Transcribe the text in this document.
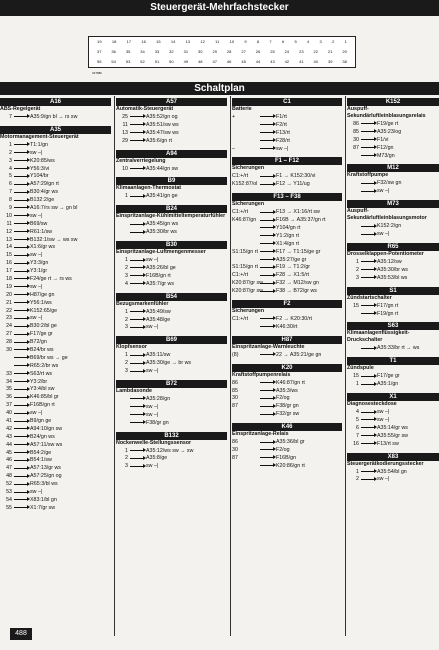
Steuergerät-Mehrfachstecker
19	18	17	16	15	14	13	12	11	10	9	8	7	6	5	4	3	2	1
37 36 35 34 33 32 31 30 29 28 27 26 25 24 23 22 21 20
55 54 53 52 51 50 49 48 47 46 45 44 43 42 41 40 39 38
32788b
Schaltplan
A16
ABS-Regelgerät
7	A35:9/gn bl → rs sw
A35
Motormanagement-Steuergerät
1	T1:1/gn
2	sw –|
3	K20:85/ws
4	Y56:3/vi
5	Y104/br
6	A57:29/gn rt
7	B30:4/gr ws
8	B132:2/ge
9	A16:7/rs sw → gn bl
10	sw –|
11	B69/sw
12	R61:1/sw
13	B132:1/sw → ws sw
14	X1:6/gr ws
15	sw –|
16	Y3:3/gn
17	Y3:1/gr
18	F24/ge rt → rs ws
19	sw –|
20	H87/ge gn
21	Y56:1/ws
22	K152:65/ge
23	sw –|
24	B30:2/bl ge
27	F17/ge gr
28	B72/gn
30	B24/br ws
B69/br ws → ge
R65:2/br ws
33	S63/rt ws
34	Y3:2/br
35	Y3:4/bl sw
36	K46:85/bl gr
37	F16B/gn rt
40	sw –|
41	B9/gn ge
42	A94:10/gn sw
43	B24/gn ws
44	A57:11/sw ws
45	B54:2/ge
46	B54:1/sw
47	A57:13/gr ws
48	A57:25/gn og
52	R65:3/bl ws
53	sw –|
54	X83:1/bl gn
55	X1:7/gr sw
A57
Automatik-Steuergerät
25	A35:52/gn og
11	A35:51/sw ws
13	A35:47/sw ws
29	A35:6/gn rt
A94
Zentralverriegelung
10	A35:44/gn sw
B9
Klimaanlagen-Thermostat
1	A35:41/gn ge
B24
Einspritzanlage-Kühlmitteltemperaturfühler
A35:45/gn ws
A35:30/br ws
B30
Einspritzanlage-Luftmengenmesser
1	sw –|
2	A35:26/bl ge
3	F16B/gn rt
4	A35:7/gr ws
B54
Bezugsmarkenfühler
1	A35:49/sw
2	A35:48/ge
3	sw –|
B69
Klopfsensor
1	A35:11/sw
2	A35:30/ge → br ws
3	sw –|
B72
Lambdasonde
A35:28/gn
sw –|
sw –|
F38/gr gn
B132
Nockenwelle-Stellungssensor
1	A35:12/ws sw → sw
2	A35:8/ge
3	sw –|
C1
Batterie
+	F1/rt
F2/rt
F13/rt
F28/rt
–	sw –|
F1 – F12
Sicherungen
C1:+/rt	F1 → K152:30/vi
K152:87/ol	F12 → Y11/ug
F13 – F38
Sicherungen
C1:+/rt	F13 → X1:16/rt sw
K46:87/gn	F16B → A35:37/gn rt
Y104/gn rt
Y1:2/gn rt
X1:4/gn rt
S1:15/gn rt	F17 → T1:15/ge gr
A35:27/ge gr
S1:15/gn rt	F19 → T1:2/gr
C1:+/rt	F28 → X1:5/rt
K20:87/gr sw F32 → M12/sw gn
K20:87/gr sw F38 → B72/gr ws
F2
Sicherungen
C1:+/rt	F2 → K20:30/rt
K46:30/rt
H87
Einspritzanlage-Warnleuchte
(8)	22 → A35:21/ge gn
K20
Kraftstoffpumpenrelais
86	K46:87/gn rt
85	A35:3/ws
30	F2/og
87	F38/gr gn
F32/gr sw
K46
Einspritzanlage-Relais
86	A35:36/bl gr
30	F2/og
87	F16B/gn
K20:86/gn rt
K152
Auspuff-Sekundärluftleinblasungsrelais
86	F19/ge rt
85	A35:23/og
30	F1/vi
87	F12/gn
M73/gn
M12
Kraftstoffpumpe
F32/sw gn
sw –|
M73
Auspuff-Sekundärluftleinblasungsmotor
K152:2/gn
sw –|
R65
Drosselklappen-Potentiometer
1	A35:12/sw
2	A35:30/br ws
3	A35:53/bl ws
S1
Zündstartschalter
15	F17/gn rt
F19/gn rt
S63
Klimaanlagenflüssigkeit-Druckschalter
A35:33/br rt → ws
T1
Zündspule
15	F17/ge gr
1	A35:1/gn
X1
Diagnosesteckdose
4	sw –|
5	sw –|
6	A35:14/gr ws
7	A35:55/gr sw
16	F13/rt sw
X83
Steuergerätkodierungsstecker
1	A35:54/bl gn
2	sw –|
488
